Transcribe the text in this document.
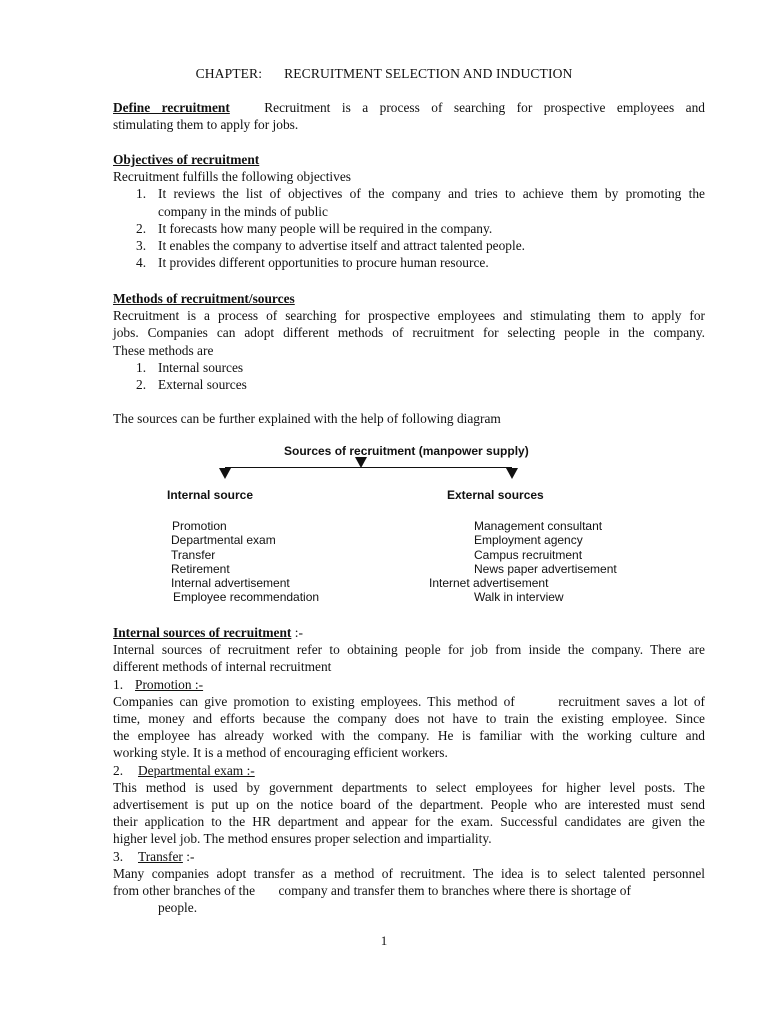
CHAPTER: RECRUITMENT SELECTION AND INDUCTION
Define recruitment	Recruitment is a process of searching for prospective employees and
stimulating them to apply for jobs.
Objectives of recruitment
Recruitment fulfills the following objectives
1. It reviews the list of objectives of the company and tries to achieve them by promoting the
company in the minds of public
2. It forecasts how many people will be required in the company.
3. It enables the company to advertise itself and attract talented people.
4. It provides different opportunities to procure human resource.
Methods of recruitment/sources
Recruitment is a process of searching for prospective employees and stimulating them to apply for
jobs. Companies can adopt different methods of recruitment for selecting people in the company.
These methods are
1. Internal sources
2. External sources
The sources can be further explained with the help of following diagram
Sources of recruitment (manpower supply)
Internal source	External sources
Promotion
Departmental exam
Transfer
Retirement
Internal advertisement
Employee recommendation
Management consultant
Employment agency
Campus recruitment
News paper advertisement
Internet advertisement
Walk in interview
Internal sources of recruitment :-
Internal sources of recruitment refer to obtaining people for job from inside the company. There are
different methods of internal recruitment
1. Promotion :-
Companies can give promotion to existing employees. This method of       recruitment saves a lot of
time, money and efforts because the company does not have to train the existing employee. Since
the employee has already worked with the company. He is familiar with the working culture and
working style. It is a method of encouraging efficient workers.
2. Departmental exam :-
This method is used by government departments to select employees for higher level posts. The
advertisement is put up on the notice board of the department. People who are interested must send
their application to the HR department and appear for the exam. Successful candidates are given the
higher level job. The method ensures proper selection and impartiality.
3. Transfer :-
Many companies adopt transfer as a method of recruitment. The idea is to select talented personnel
from other branches of the       company and transfer them to branches where there is shortage of
people.
1
